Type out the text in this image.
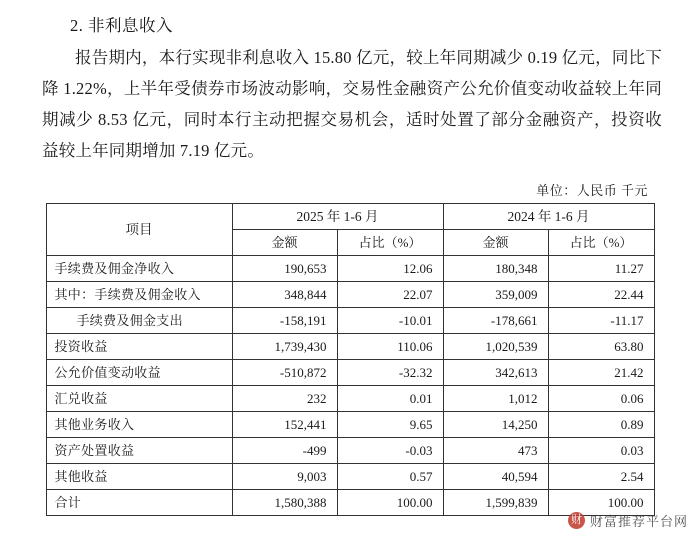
2. 非利息收入

报告期内，本行实现非利息收入 15.80 亿元，较上年同期减少 0.19 亿元，同比下降 1.22%，上半年受债券市场波动影响，交易性金融资产公允价值变动收益较上年同期减少 8.53 亿元，同时本行主动把握交易机会，适时处置了部分金融资产，投资收益较上年同期增加 7.19 亿元。

单位：人民币 千元
项目	2025 年 1-6 月		2024 年 1-6 月	
	金额	占比（%）	金额	占比（%）
手续费及佣金净收入	190,653	12.06	180,348	11.27
其中：手续费及佣金收入	348,844	22.07	359,009	22.44
手续费及佣金支出	-158,191	-10.01	-178,661	-11.17
投资收益	1,739,430	110.06	1,020,539	63.80
公允价值变动收益	-510,872	-32.32	342,613	21.42
汇兑收益	232	0.01	1,012	0.06
其他业务收入	152,441	9.65	14,250	0.89
资产处置收益	-499	-0.03	473	0.03
其他收益	9,003	0.57	40,594	2.54
合计	1,580,388	100.00	1,599,839	100.00
财 财富推荐平台网
